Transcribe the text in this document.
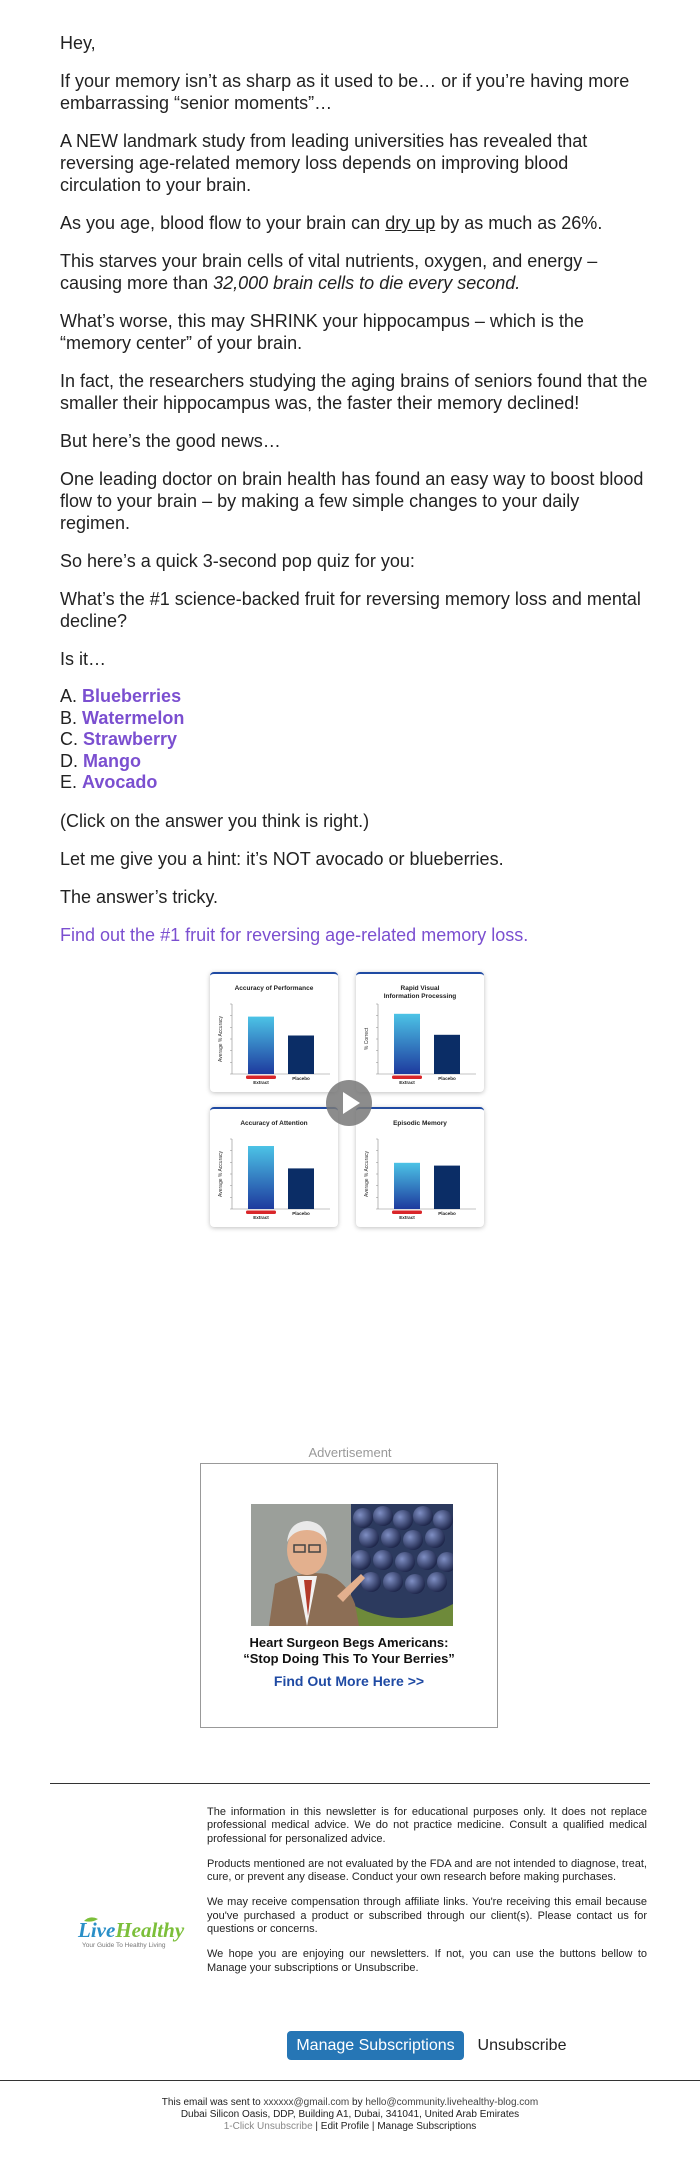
Hey,

If your memory isn’t as sharp as it used to be… or if you’re having more embarrassing “senior moments”…

A NEW landmark study from leading universities has revealed that reversing age-related memory loss depends on improving blood circulation to your brain.

As you age, blood flow to your brain can dry up by as much as 26%.

This starves your brain cells of vital nutrients, oxygen, and energy – causing more than 32,000 brain cells to die every second.

What’s worse, this may SHRINK your hippocampus – which is the “memory center” of your brain.

In fact, the researchers studying the aging brains of seniors found that the smaller their hippocampus was, the faster their memory declined!

But here’s the good news…

One leading doctor on brain health has found an easy way to boost blood flow to your brain – by making a few simple changes to your daily regimen.

So here’s a quick 3-second pop quiz for you:

What’s the #1 science-backed fruit for reversing memory loss and mental decline?

Is it…

A. Blueberries
B. Watermelon
C. Strawberry
D. Mango
E. Avocado

(Click on the answer you think is right.)

Let me give you a hint: it’s NOT avocado or blueberries.

The answer’s tricky.

Find out the #1 fruit for reversing age-related memory loss.

Accuracy of Performance
Average % Accuracy
Extract
Placebo
Rapid Visual Information Processing
% Correct
Extract
Placebo
Accuracy of Attention
Average % Accuracy
Extract
Placebo
Episodic Memory
Average % Accuracy
Extract
Placebo
Advertisement
Heart Surgeon Begs Americans:
“Stop Doing This To Your Berries”
Find Out More Here >>
LiveHealthy
Your Guide To Healthy Living

The information in this newsletter is for educational purposes only. It does not replace professional medical advice. We do not practice medicine. Consult a qualified medical professional for personalized advice.

Products mentioned are not evaluated by the FDA and are not intended to diagnose, treat, cure, or prevent any disease. Conduct your own research before making purchases.

We may receive compensation through affiliate links. You're receiving this email because you've purchased a product or subscribed through our client(s). Please contact us for questions or concerns.

We hope you are enjoying our newsletters. If not, you can use the buttons bellow to Manage your subscriptions or Unsubscribe.

Manage Subscriptions	Unsubscribe
This email was sent to xxxxxx@gmail.com by hello@community.livehealthy-blog.com
Dubai Silicon Oasis, DDP, Building A1, Dubai, 341041, United Arab Emirates
1-Click Unsubscribe | Edit Profile | Manage Subscriptions
